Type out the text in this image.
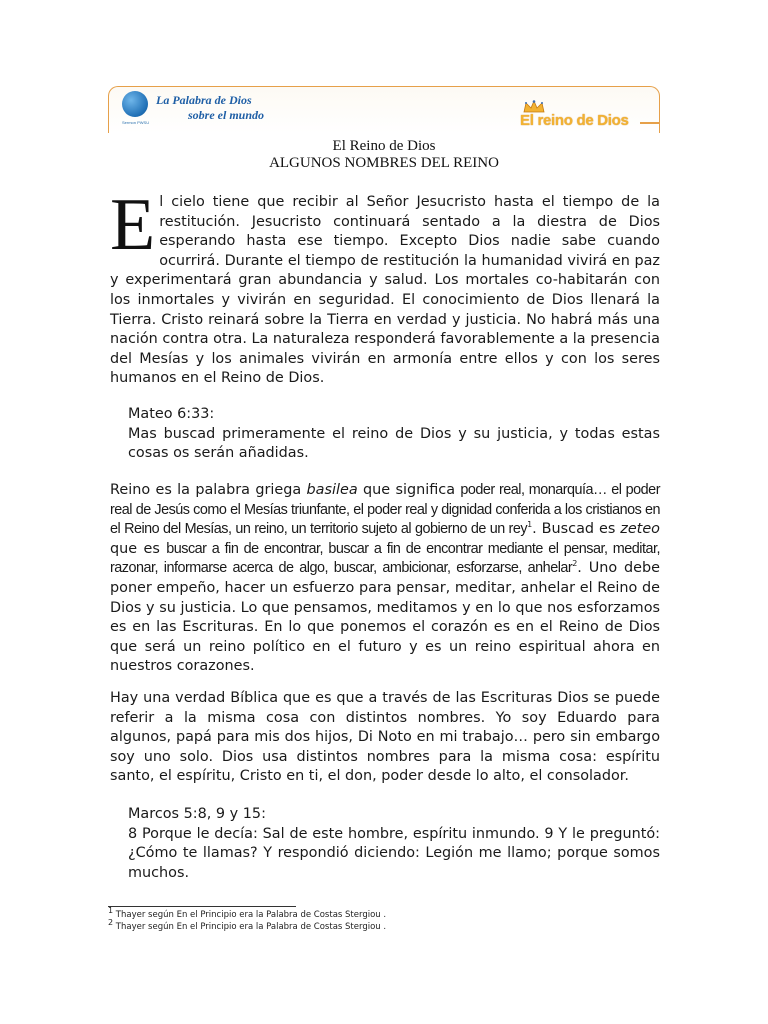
Sermon PWSU
La Palabra de Dios
sobre el mundo	El reino de Dios
El Reino de Dios
ALGUNOS NOMBRES DEL REINO
El cielo tiene que recibir al Señor Jesucristo hasta el tiempo de la restitución. Jesucristo continuará sentado a la diestra de Dios esperando hasta ese tiempo. Excepto Dios nadie sabe cuando ocurrirá. Durante el tiempo de restitución la humanidad vivirá en paz y experimentará gran abundancia y salud. Los mortales co-habitarán con los inmortales y vivirán en seguridad. El conocimiento de Dios llenará la Tierra. Cristo reinará sobre la Tierra en verdad y justicia. No habrá más una nación contra otra. La naturaleza responderá favorablemente a la presencia del Mesías y los animales vivirán en armonía entre ellos y con los seres humanos en el Reino de Dios.
Mateo 6:33:
Mas buscad primeramente el reino de Dios y su justicia, y todas estas cosas os serán añadidas.
Reino es la palabra griega basilea que significa poder real, monarquía… el poder real de Jesús como el Mesías triunfante, el poder real y dignidad conferida a los cristianos en el Reino del Mesías, un reino, un territorio sujeto al gobierno de un rey$^1$. Buscad es zeteo que es buscar a fin de encontrar, buscar a fin de encontrar mediante el pensar, meditar, razonar, informarse acerca de algo, buscar, ambicionar, esforzarse, anhelar$^2$. Uno debe poner empeño, hacer un esfuerzo para pensar, meditar, anhelar el Reino de Dios y su justicia. Lo que pensamos, meditamos y en lo que nos esforzamos es en las Escrituras. En lo que ponemos el corazón es en el Reino de Dios que será un reino político en el futuro y es un reino espiritual ahora en nuestros corazones.
Hay una verdad Bíblica que es que a través de las Escrituras Dios se puede referir a la misma cosa con distintos nombres. Yo soy Eduardo para algunos, papá para mis dos hijos, Di Noto en mi trabajo… pero sin embargo soy uno solo. Dios usa distintos nombres para la misma cosa: espíritu santo, el espíritu, Cristo en ti, el don, poder desde lo alto, el consolador.
Marcos 5:8, 9 y 15:
8 Porque le decía: Sal de este hombre, espíritu inmundo. 9 Y le preguntó: ¿Cómo te llamas? Y respondió diciendo: Legión me llamo; porque somos muchos.
$^1$ Thayer según En el Principio era la Palabra de Costas Stergiou .
$^2$ Thayer según En el Principio era la Palabra de Costas Stergiou .
